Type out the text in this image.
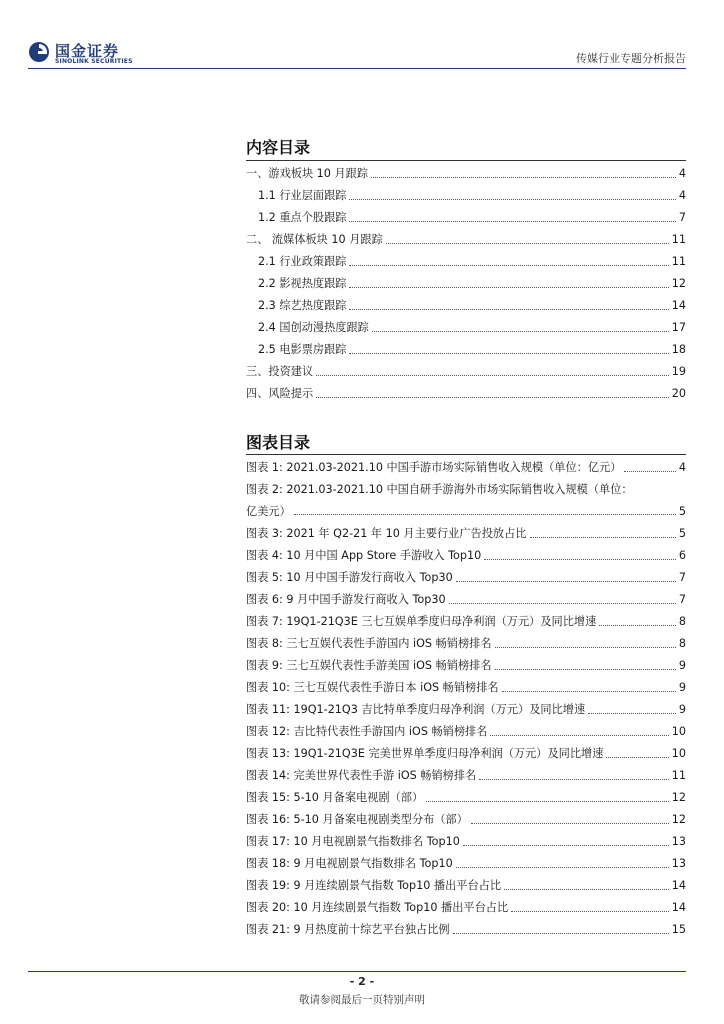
国金证券
SINOLINK SECURITIES	传媒行业专题分析报告
内容目录
一、游戏板块 10 月跟踪	4
1.1 行业层面跟踪	4
1.2 重点个股跟踪	7
二、 流媒体板块 10 月跟踪	11
2.1 行业政策跟踪	11
2.2 影视热度跟踪	12
2.3 综艺热度跟踪	14
2.4 国创动漫热度跟踪	17
2.5 电影票房跟踪	18
三、投资建议	19
四、风险提示	20
图表目录
图表 1: 2021.03-2021.10 中国手游市场实际销售收入规模（单位：亿元）	4
图表 2: 2021.03-2021.10 中国自研手游海外市场实际销售收入规模（单位：
亿美元）	5
图表 3: 2021 年 Q2-21 年 10 月主要行业广告投放占比	5
图表 4: 10 月中国 App Store 手游收入 Top10	6
图表 5: 10 月中国手游发行商收入 Top30	7
图表 6: 9 月中国手游发行商收入 Top30	7
图表 7: 19Q1-21Q3E 三七互娱单季度归母净利润（万元）及同比增速	8
图表 8: 三七互娱代表性手游国内 iOS 畅销榜排名	8
图表 9: 三七互娱代表性手游美国 iOS 畅销榜排名	9
图表 10: 三七互娱代表性手游日本 iOS 畅销榜排名	9
图表 11: 19Q1-21Q3 吉比特单季度归母净利润（万元）及同比增速	9
图表 12: 吉比特代表性手游国内 iOS 畅销榜排名	10
图表 13: 19Q1-21Q3E 完美世界单季度归母净利润（万元）及同比增速	10
图表 14: 完美世界代表性手游 iOS 畅销榜排名	11
图表 15: 5-10 月备案电视剧（部）	12
图表 16: 5-10 月备案电视剧类型分布（部）	12
图表 17: 10 月电视剧景气指数排名 Top10	13
图表 18: 9 月电视剧景气指数排名 Top10	13
图表 19: 9 月连续剧景气指数 Top10 播出平台占比	14
图表 20: 10 月连续剧景气指数 Top10 播出平台占比	14
图表 21: 9 月热度前十综艺平台独占比例	15
- 2 -
敬请参阅最后一页特别声明
